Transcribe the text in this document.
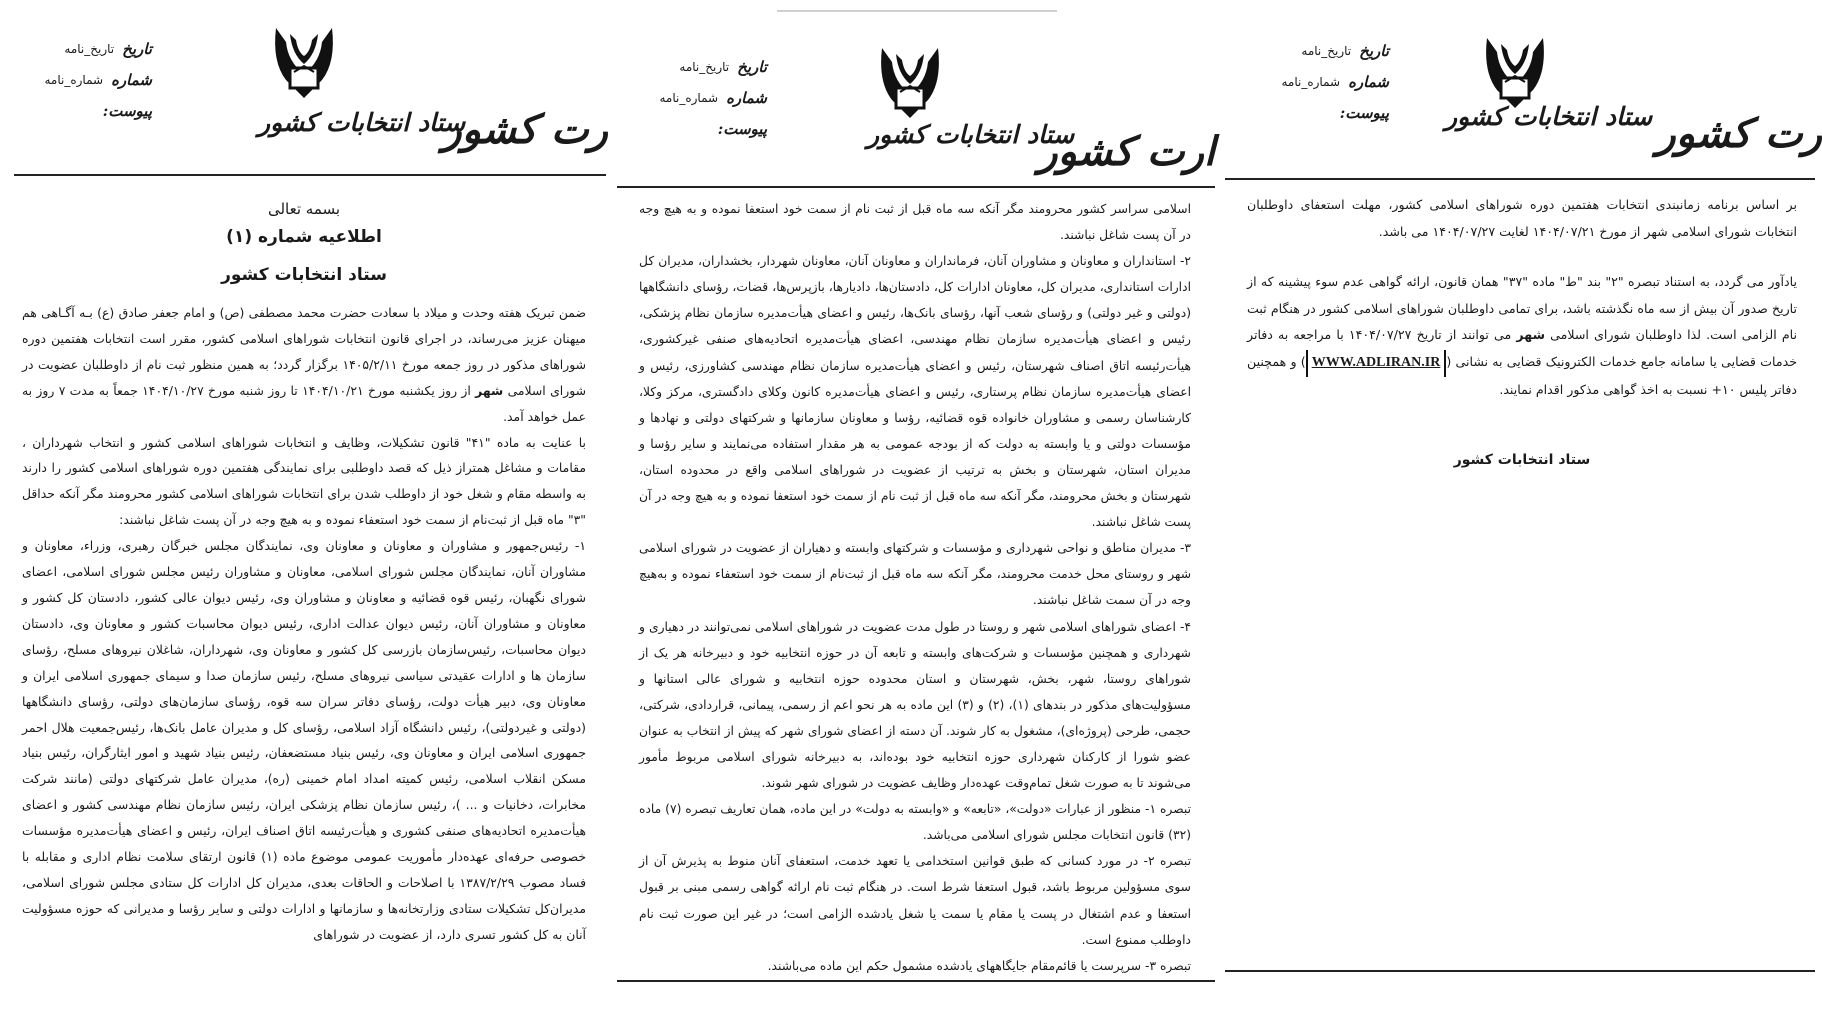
تاریخ
تاریخ_نامه
شماره
شماره_نامه
پیوست: ستاد انتخابات کشور رت کشور

بر اساس برنامه زمانبندی انتخابات هفتمین دوره شوراهای اسلامی کشور، مهلت استعفای داوطلبان انتخابات شورای اسلامی شهر از مورخ ۱۴۰۴/۰۷/۲۱ لغایت ۱۴۰۴/۰۷/۲۷ می باشد.

یادآور می گردد، به استناد تبصره "۲" بند "ط" ماده "۳۷" همان قانون، ارائه گواهی عدم سوء پیشینه که از تاریخ صدور آن بیش از سه ماه نگذشته باشد، برای تمامی داوطلبان شوراهای اسلامی کشور در هنگام ثبت نام الزامی است. لذا داوطلبان شورای اسلامی شهر می توانند از تاریخ ۱۴۰۴/۰۷/۲۷ با مراجعه به دفاتر خدمات قضایی یا سامانه جامع خدمات الکترونیک قضایی به نشانی (WWW.ADLIRAN.IR) و همچنین دفاتر پلیس ۱۰+ نسبت به اخذ گواهی مذکور اقدام نمایند.

ستاد انتخابات کشور

تاریخ
تاریخ_نامه
شماره
شماره_نامه
پیوست:	ستاد انتخابات کشور
ارت کشور

اسلامی سراسر کشور محرومند مگر آنکه سه ماه قبل از ثبت نام از سمت خود استعفا نموده و به هیچ وجه در آن پست شاغل نباشند.

۲- استانداران و معاونان و مشاوران آنان، فرمانداران و معاونان آنان، معاونان شهردار، بخشداران، مدیران کل ادارات استانداری، مدیران کل، معاونان ادارات کل، دادستان‌ها، دادیارها، بازپرس‌ها، قضات، رؤسای دانشگاهها (دولتی و غیر دولتی) و رؤسای شعب آنها، رؤسای بانک‌ها، رئیس و اعضای هیأت‌مدیره سازمان نظام پزشکی، رئیس و اعضای هیأت‌مدیره سازمان نظام مهندسی، اعضای هیأت‌مدیره اتحادیه‌های صنفی غیرکشوری، هیأت‌رئیسه اتاق اصناف شهرستان، رئیس و اعضای هیأت‌مدیره سازمان نظام مهندسی کشاورزی، رئیس و اعضای هیأت‌مدیره سازمان نظام پرستاری، رئیس و اعضای هیأت‌مدیره کانون وکلای دادگستری، مرکز وکلا، کارشناسان رسمی و مشاوران خانواده قوه قضائیه، رؤسا و معاونان سازمانها و شرکتهای دولتی و نهادها و مؤسسات دولتی و یا وابسته به دولت که از بودجه عمومی به هر مقدار استفاده می‌نمایند و سایر رؤسا و مدیران استان، شهرستان و بخش به ترتیب از عضویت در شوراهای اسلامی واقع در محدوده استان، شهرستان و بخش محرومند، مگر آنکه سه ماه قبل از ثبت نام از سمت خود استعفا نموده و به هیچ وجه در آن پست شاغل نباشند.

۳- مدیران مناطق و نواحی شهرداری و مؤسسات و شرکتهای وابسته و دهیاران از عضویت در شورای اسلامی شهر و روستای محل خدمت محرومند، مگر آنکه سه ماه قبل از ثبت‌نام از سمت خود استعفاء نموده و به‌هیچ وجه در آن سمت شاغل نباشند.

۴- اعضای شوراهای اسلامی شهر و روستا در طول مدت عضویت در شوراهای اسلامی نمی‌توانند در دهیاری و شهرداری و همچنین مؤسسات و شرکت‌های وابسته و تابعه آن در حوزه انتخابیه خود و دبیرخانه هر یک از شوراهای روستا، شهر، بخش، شهرستان و استان محدوده حوزه انتخابیه و شورای عالی استانها و مسؤولیت‌های مذکور در بندهای (۱)، (۲) و (۳) این ماده به هر نحو اعم از رسمی، پیمانی، قراردادی، شرکتی، حجمی، طرحی (پروژه‌ای)، مشغول به کار شوند. آن دسته از اعضای شورای شهر که پیش از انتخاب به عنوان عضو شورا از کارکنان شهرداری حوزه انتخابیه خود بوده‌اند، به دبیرخانه شورای اسلامی مربوط مأمور می‌شوند تا به صورت شغل تمام‌وقت عهده‌دار وظایف عضویت در شورای شهر شوند.

تبصره ۱- منظور از عبارات «دولت»، «تابعه» و «وابسته به دولت» در این ماده، همان تعاریف تبصره (۷) ماده (۳۲) قانون انتخابات مجلس شورای اسلامی می‌باشد.

تبصره ۲- در مورد کسانی که طبق قوانین استخدامی یا تعهد خدمت، استعفای آنان منوط به پذیرش آن از سوی مسؤولین مربوط باشد، قبول استعفا شرط است. در هنگام ثبت نام ارائه گواهی رسمی مبنی بر قبول استعفا و عدم اشتغال در پست یا مقام یا سمت یا شغل یادشده الزامی است؛ در غیر این صورت ثبت نام داوطلب ممنوع است.

تبصره ۳- سرپرست یا قائم‌مقام جایگاههای یادشده مشمول حکم این ماده می‌باشند.

تاریخ
تاریخ_نامه
شماره
شماره_نامه
پیوست:	ستاد انتخابات کشور
رت کشور

بسمه تعالی

اطلاعیه شماره (۱)

ستاد انتخابات کشور

ضمن تبریک هفته وحدت و میلاد با سعادت حضرت محمد مصطفی (ص) و امام جعفر صادق (ع) بـه آگـاهی هم میهنان عزیز می‌رساند، در اجرای قانون انتخابات شوراهای اسلامی کشور، مقرر است انتخابات هفتمین دوره شوراهای مذکور در روز جمعه مورخ ۱۴۰۵/۲/۱۱ برگزار گردد؛ به همین منظور ثبت نام از داوطلبان عضویت در شورای اسلامی شهر از روز یکشنبه مورخ ۱۴۰۴/۱۰/۲۱ تا روز شنبه مورخ ۱۴۰۴/۱۰/۲۷ جمعاً به مدت ۷ روز به عمل خواهد آمد.

با عنایت به ماده "۴۱" قانون تشکیلات، وظایف و انتخابات شوراهای اسلامی کشور و انتخاب شهرداران ، مقامات و مشاغل همتراز ذیل که قصد داوطلبی برای نمایندگی هفتمین دوره شوراهای اسلامی کشور را دارند به واسطه مقام و شغل خود از داوطلب شدن برای انتخابات شوراهای اسلامی کشور محرومند مگر آنکه حداقل "۳" ماه قبل از ثبت‌نام از سمت خود استعفاء نموده و به هیچ وجه در آن پست شاغل نباشند:

۱- رئیس‌جمهور و مشاوران و معاونان و معاونان وی، نمایندگان مجلس خبرگان رهبری، وزراء، معاونان و مشاوران آنان، نمایندگان مجلس شورای اسلامی، معاونان و مشاوران رئیس مجلس شورای اسلامی، اعضای شورای نگهبان، رئیس قوه قضائیه و معاونان و مشاوران وی، رئیس دیوان عالی کشور، دادستان کل کشور و معاونان و مشاوران آنان، رئیس دیوان عدالت اداری، رئیس دیوان محاسبات کشور و معاونان وی، دادستان دیوان محاسبات، رئیس‌سازمان بازرسی کل کشور و معاونان وی، شهرداران، شاغلان نیروهای مسلح، رؤسای سازمان ها و ادارات عقیدتی سیاسی نیروهای مسلح، رئیس سازمان صدا و سیمای جمهوری اسلامی ایران و معاونان وی، دبیر هیأت دولت، رؤسای دفاتر سران سه قوه، رؤسای سازمان‌های دولتی، رؤسای دانشگاهها (دولتی و غیردولتی)، رئیس دانشگاه آزاد اسلامی، رؤسای کل و مدیران عامل بانک‌ها، رئیس‌جمعیت هلال احمر جمهوری اسلامی ایران و معاونان وی، رئیس بنیاد مستضعفان، رئیس بنیاد شهید و امور ایثارگران، رئیس بنیاد مسکن انقلاب اسلامی، رئیس کمیته امداد امام خمینی (ره)، مدیران عامل شرکتهای دولتی (مانند شرکت مخابرات، دخانیات و ... )، رئیس سازمان نظام پزشکی ایران، رئیس سازمان نظام مهندسی کشور و اعضای هیأت‌مدیره اتحادیه‌های صنفی کشوری و هیأت‌رئیسه اتاق اصناف ایران، رئیس و اعضای هیأت‌مدیره مؤسسات خصوصی حرفه‌ای عهده‌دار مأموریت عمومی موضوع ماده (۱) قانون ارتقای سلامت نظام اداری و مقابله با فساد مصوب ۱۳۸۷/۲/۲۹ با اصلاحات و الحاقات بعدی، مدیران کل ادارات کل ستادی مجلس شورای اسلامی، مدیران‌کل تشکیلات ستادی وزارتخانه‌ها و سازمانها و ادارات دولتی و سایر رؤسا و مدیرانی که حوزه مسؤولیت آنان به کل کشور تسری دارد، از عضویت در شوراهای
